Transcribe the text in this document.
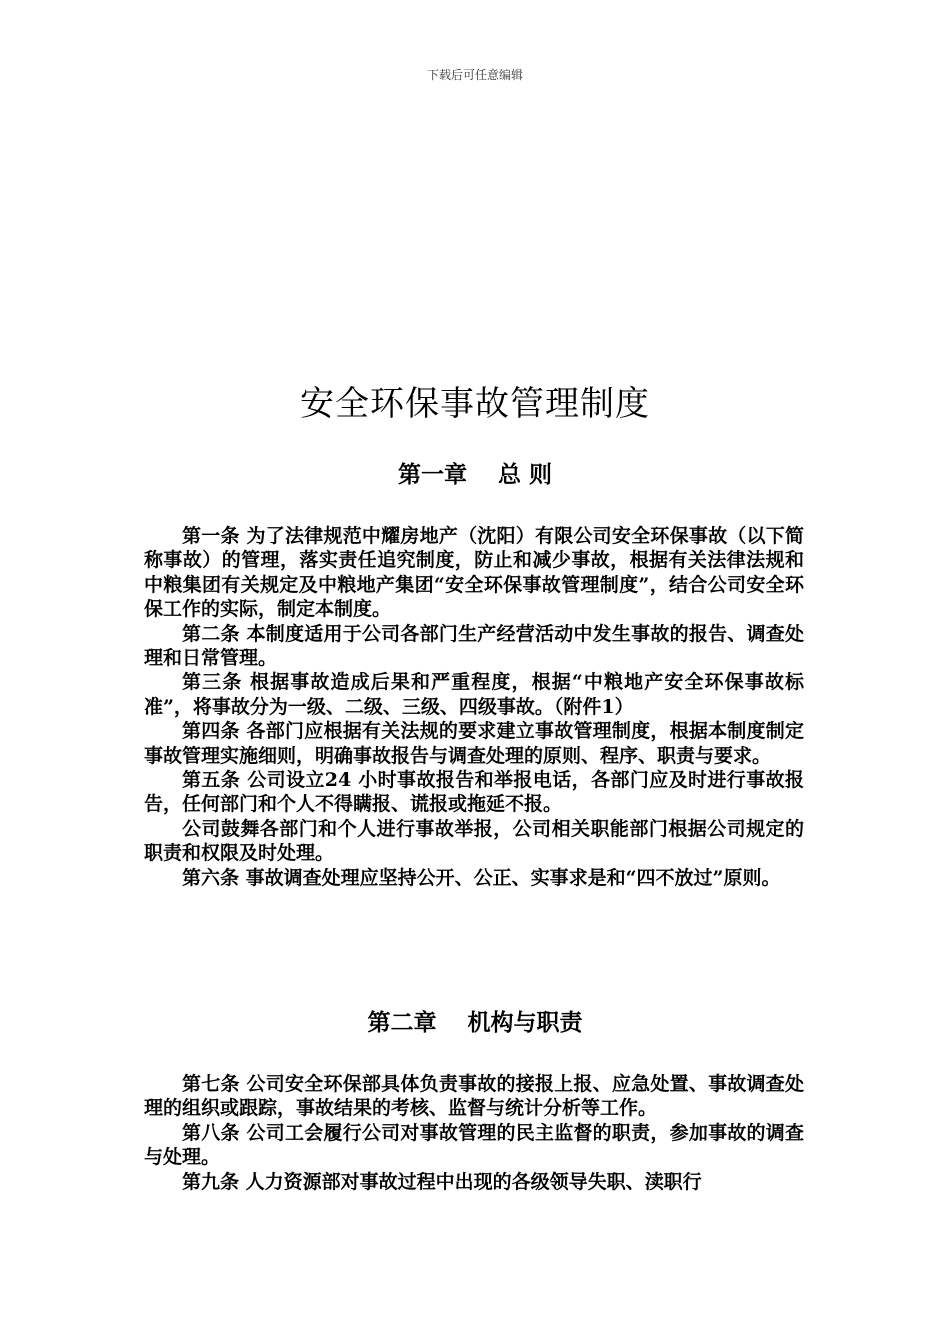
下载后可任意编辑
安全环保事故管理制度
第一章　 总 则

第一条 为了法律规范中耀房地产（沈阳）有限公司安全环保事故（以下简称事故）的管理，落实责任追究制度，防止和减少事故，根据有关法律法规和中粮集团有关规定及中粮地产集团“安全环保事故管理制度”，结合公司安全环保工作的实际，制定本制度。

第二条 本制度适用于公司各部门生产经营活动中发生事故的报告、调查处理和日常管理。

第三条 根据事故造成后果和严重程度，根据“中粮地产安全环保事故标准”，将事故分为一级、二级、三级、四级事故。（附件1）

第四条 各部门应根据有关法规的要求建立事故管理制度，根据本制度制定事故管理实施细则，明确事故报告与调查处理的原则、程序、职责与要求。

第五条 公司设立24 小时事故报告和举报电话，各部门应及时进行事故报告，任何部门和个人不得瞒报、谎报或拖延不报。

公司鼓舞各部门和个人进行事故举报，公司相关职能部门根据公司规定的职责和权限及时处理。

第六条 事故调查处理应坚持公开、公正、实事求是和“四不放过”原则。

第二章　 机构与职责

第七条 公司安全环保部具体负责事故的接报上报、应急处置、事故调查处理的组织或跟踪，事故结果的考核、监督与统计分析等工作。

第八条 公司工会履行公司对事故管理的民主监督的职责，参加事故的调查与处理。

第九条 人力资源部对事故过程中出现的各级领导失职、渎职行
